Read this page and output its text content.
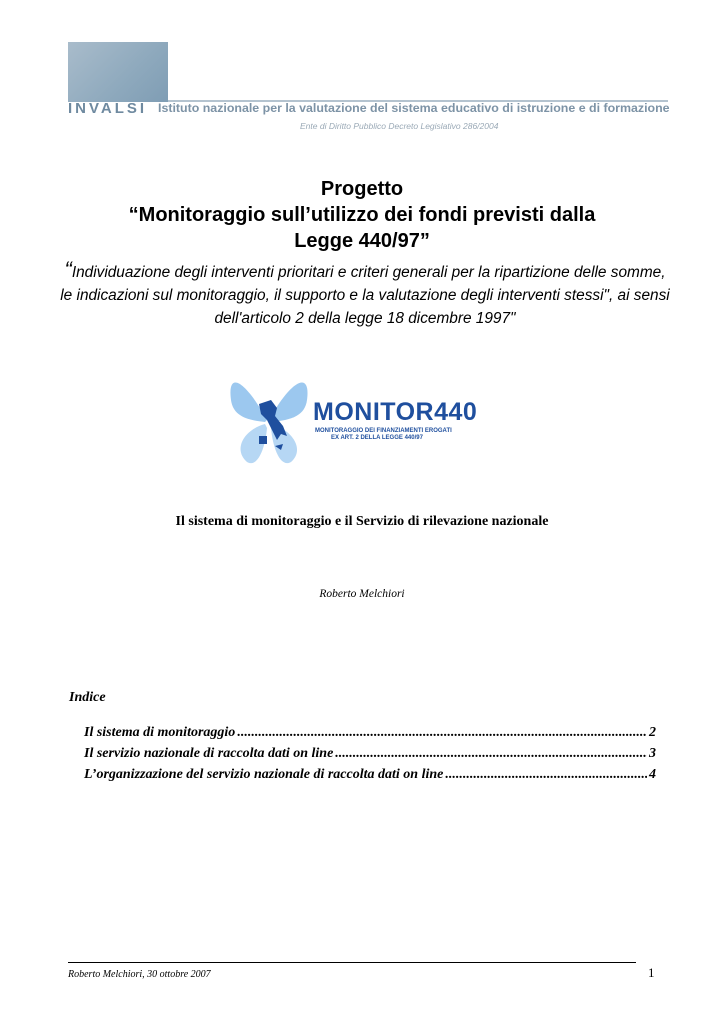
INVALSI Istituto nazionale per la valutazione del sistema educativo di istruzione e di formazione
Ente di Diritto Pubblico Decreto Legislativo 286/2004
Progetto
“Monitoraggio sull’utilizzo dei fondi previsti dalla
Legge 440/97”
“Individuazione degli interventi prioritari e criteri generali per la ripartizione delle somme, le indicazioni sul monitoraggio, il supporto e la valutazione degli interventi stessi", ai sensi dell'articolo 2 della legge 18 dicembre 1997"
MONITOR440
MONITORAGGIO DEI FINANZIAMENTI EROGATI
EX ART. 2 DELLA LEGGE 440/97
Il sistema di monitoraggio e il Servizio di rilevazione nazionale
Roberto Melchiori
Indice
Il sistema di monitoraggio .....	2
Il servizio nazionale di raccolta dati on line .....	3
L’organizzazione del servizio nazionale di raccolta dati on line .....	4
Roberto Melchiori, 30 ottobre 2007	1
